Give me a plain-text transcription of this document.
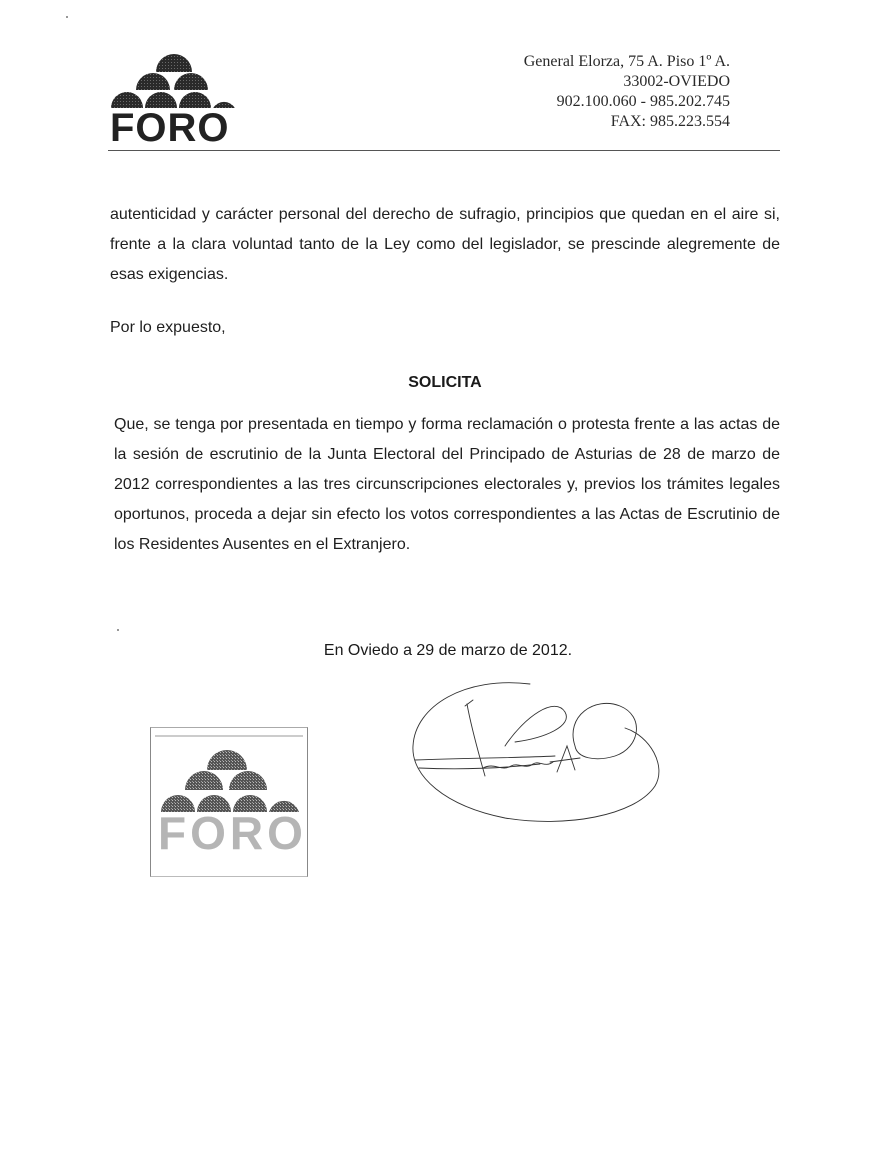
FORO
General Elorza, 75 A. Piso 1º A.
33002-OVIEDO
902.100.060 - 985.202.745
FAX: 985.223.554
autenticidad y carácter personal del derecho de sufragio, principios que quedan en el aire si, frente a la clara voluntad tanto de la Ley como del legislador, se prescinde alegremente de esas exigencias.
Por lo expuesto,
SOLICITA
Que, se tenga por presentada en tiempo y forma reclamación o protesta frente a las actas de la sesión de escrutinio de la Junta Electoral del Principado de Asturias de 28 de marzo de 2012 correspondientes a las tres circunscripciones electorales y, previos los trámites legales oportunos, proceda a dejar sin efecto los votos correspondientes a las Actas de Escrutinio de los Residentes Ausentes en el Extranjero.
En Oviedo a 29 de marzo de 2012.
FORO
